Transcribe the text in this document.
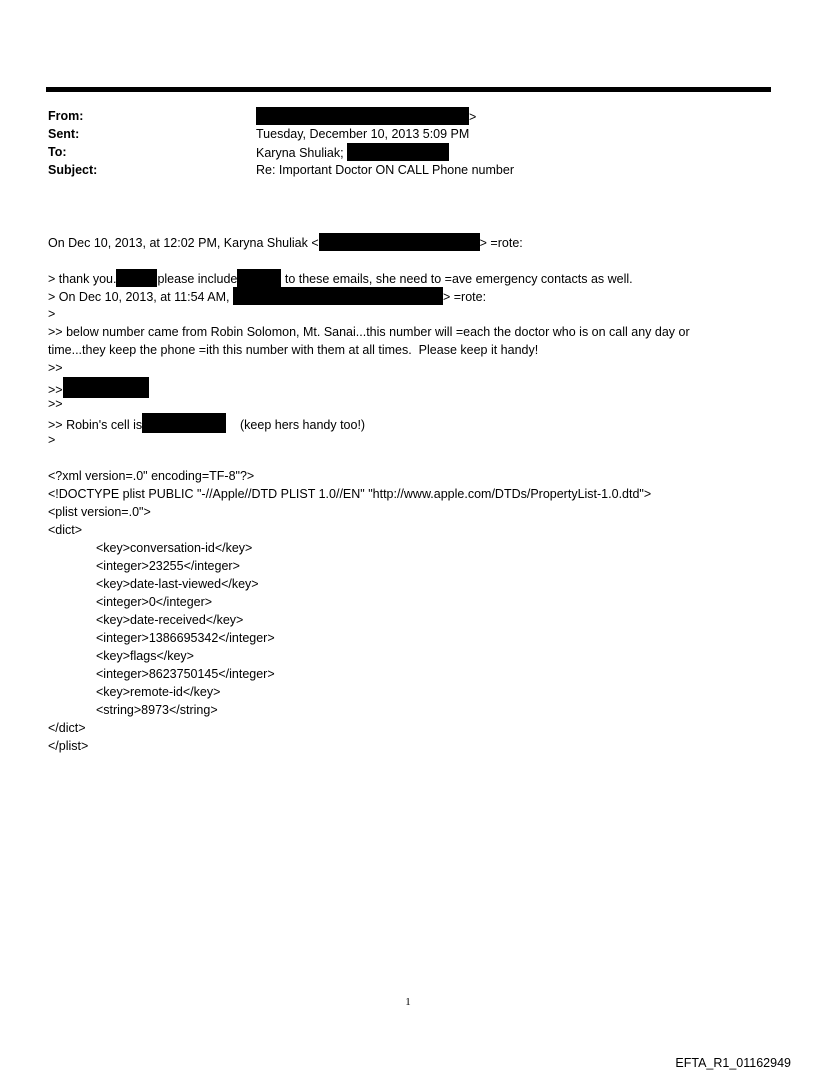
From:	>
Sent:	Tuesday, December 10, 2013 5:09 PM
To:	Karyna Shuliak;
Subject:	Re: Important Doctor ON CALL Phone number
On Dec 10, 2013, at 12:02 PM, Karyna Shuliak <	> =rote:
> thank you.	please include	to these emails, she need to =ave emergency contacts as well.
> On Dec 10, 2013, at 11:54 AM,	> =rote:
>
>> below number came from Robin Solomon, Mt. Sanai...this number will =each the doctor who is on call any day or
time...they keep the phone =ith this number with them at all times.  Please keep it handy!
>>
>>
>>
>> Robin's cell is	(keep hers handy too!)
>
<?xml version=.0" encoding=TF-8"?>
<!DOCTYPE plist PUBLIC "-//Apple//DTD PLIST 1.0//EN" "http://www.apple.com/DTDs/PropertyList-1.0.dtd">
<plist version=.0">
<dict>
<key>conversation-id</key>
<integer>23255</integer>
<key>date-last-viewed</key>
<integer>0</integer>
<key>date-received</key>
<integer>1386695342</integer>
<key>flags</key>
<integer>8623750145</integer>
<key>remote-id</key>
<string>8973</string>
</dict>
</plist>
1
EFTA_R1_01162949
